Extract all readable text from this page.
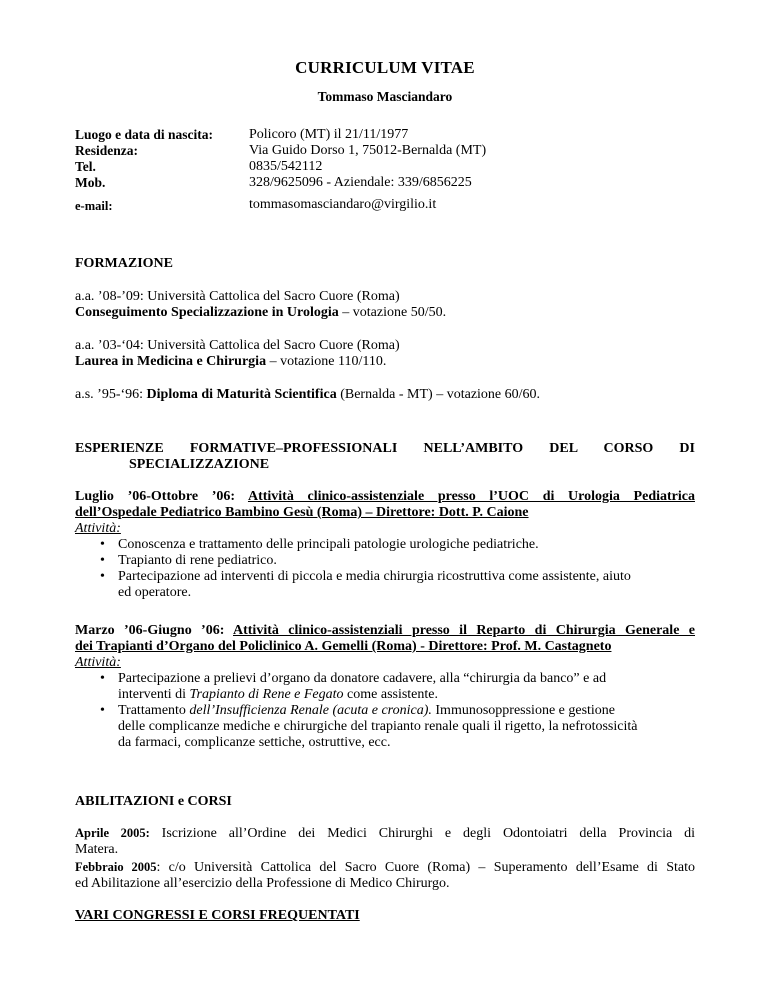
CURRICULUM VITAE
Tommaso Masciandaro
Luogo e data di nascita:	Policoro (MT) il 21/11/1977
Residenza:	Via Guido Dorso 1, 75012-Bernalda (MT)
Tel.	0835/542112
Mob.	328/9625096 - Aziendale: 339/6856225
e-mail:	tommasomasciandaro@virgilio.it
FORMAZIONE

a.a. ’08-’09: Università Cattolica del Sacro Cuore (Roma)

Conseguimento Specializzazione in Urologia – votazione 50/50.

a.a. ’03-‘04: Università Cattolica del Sacro Cuore (Roma)

Laurea in Medicina e Chirurgia – votazione 110/110.

a.s. ’95-‘96: Diploma di Maturità Scientifica (Bernalda - MT) – votazione 60/60.

ESPERIENZE FORMATIVE–PROFESSIONALI NELL’AMBITO DEL CORSO DI

SPECIALIZZAZIONE

Luglio ’06-Ottobre ’06: Attività clinico-assistenziale presso l’UOC di Urologia Pediatrica

dell’Ospedale Pediatrico Bambino Gesù (Roma) – Direttore: Dott. P. Caione

Attività:

• Conoscenza e trattamento delle principali patologie urologiche pediatriche.
• Trapianto di rene pediatrico.
• Partecipazione ad interventi di piccola e media chirurgia ricostruttiva come assistente, aiuto
ed operatore.

Marzo ’06-Giugno ’06: Attività clinico-assistenziali presso il Reparto di Chirurgia Generale e

dei Trapianti d’Organo del Policlinico A. Gemelli (Roma) - Direttore: Prof. M. Castagneto

Attività:

• Partecipazione a prelievi d’organo da donatore cadavere, alla “chirurgia da banco” e ad
interventi di Trapianto di Rene e Fegato come assistente.
• Trattamento dell’Insufficienza Renale (acuta e cronica). Immunosoppressione e gestione
delle complicanze mediche e chirurgiche del trapianto renale quali il rigetto, la nefrotossicità
da farmaci, complicanze settiche, ostruttive, ecc.
ABILITAZIONI e CORSI

Aprile 2005: Iscrizione all’Ordine dei Medici Chirurghi e degli Odontoiatri della Provincia di

Matera.

Febbraio 2005: c/o Università Cattolica del Sacro Cuore (Roma) – Superamento dell’Esame di Stato

ed Abilitazione all’esercizio della Professione di Medico Chirurgo.

VARI CONGRESSI E CORSI FREQUENTATI
